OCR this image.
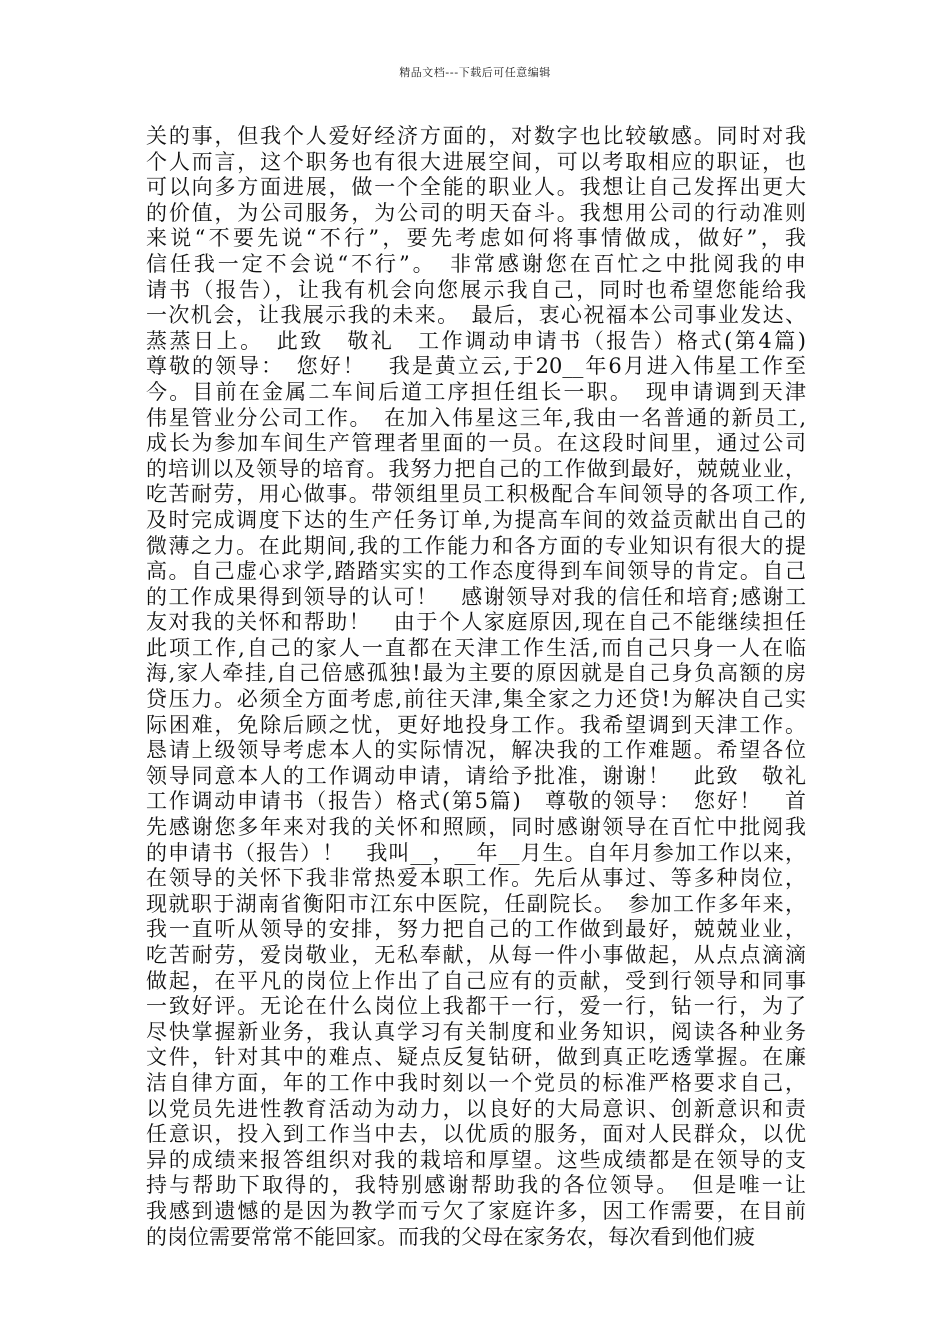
精品文档---下载后可任意编辑
关的事，但我个人爱好经济方面的，对数字也比较敏感。同时对我
个人而言，这个职务也有很大进展空间，可以考取相应的职证，也
可以向多方面进展，做一个全能的职业人。我想让自己发挥出更大
的价值，为公司服务，为公司的明天奋斗。我想用公司的行动准则
来说“不要先说“不行”，要先考虑如何将事情做成，做好”，我
信任我一定不会说“不行”。　非常感谢您在百忙之中批阅我的申
请书（报告），让我有机会向您展示我自己，同时也希望您能给我
一次机会，让我展示我的未来。　最后，衷心祝福本公司事业发达、
蒸蒸日上。　此致　敬礼　工作调动申请书（报告）格式(第4篇)
尊敬的领导：　您好！　我是黄立云,于20__年6月进入伟星工作至
今。目前在金属二车间后道工序担任组长一职。　现申请调到天津
伟星管业分公司工作。　在加入伟星这三年,我由一名普通的新员工,
成长为参加车间生产管理者里面的一员。在这段时间里，通过公司
的培训以及领导的培育。我努力把自己的工作做到最好，兢兢业业，
吃苦耐劳，用心做事。带领组里员工积极配合车间领导的各项工作,
及时完成调度下达的生产任务订单,为提高车间的效益贡献出自己的
微薄之力。在此期间,我的工作能力和各方面的专业知识有很大的提
高。自己虚心求学,踏踏实实的工作态度得到车间领导的肯定。自己
的工作成果得到领导的认可！　感谢领导对我的信任和培育;感谢工
友对我的关怀和帮助！　由于个人家庭原因,现在自己不能继续担任
此项工作,自己的家人一直都在天津工作生活,而自己只身一人在临
海,家人牵挂,自己倍感孤独!最为主要的原因就是自己身负高额的房
贷压力。必须全方面考虑,前往天津,集全家之力还贷!为解决自己实
际困难，免除后顾之忧，更好地投身工作。我希望调到天津工作。
恳请上级领导考虑本人的实际情况，解决我的工作难题。希望各位
领导同意本人的工作调动申请，请给予批准，谢谢！　此致　敬礼
工作调动申请书（报告）格式(第5篇)　尊敬的领导：　您好！　首
先感谢您多年来对我的关怀和照顾，同时感谢领导在百忙中批阅我
的申请书（报告）！　我叫__，__年__月生。自年月参加工作以来，
在领导的关怀下我非常热爱本职工作。先后从事过、等多种岗位，
现就职于湖南省衡阳市江东中医院，任副院长。　参加工作多年来，
我一直听从领导的安排，努力把自己的工作做到最好，兢兢业业，
吃苦耐劳，爱岗敬业，无私奉献，从每一件小事做起，从点点滴滴
做起，在平凡的岗位上作出了自己应有的贡献，受到行领导和同事
一致好评。无论在什么岗位上我都干一行，爱一行，钻一行，为了
尽快掌握新业务，我认真学习有关制度和业务知识，阅读各种业务
文件，针对其中的难点、疑点反复钻研，做到真正吃透掌握。在廉
洁自律方面，年的工作中我时刻以一个党员的标准严格要求自己，
以党员先进性教育活动为动力，以良好的大局意识、创新意识和责
任意识，投入到工作当中去，以优质的服务，面对人民群众，以优
异的成绩来报答组织对我的栽培和厚望。这些成绩都是在领导的支
持与帮助下取得的，我特别感谢帮助我的各位领导。　但是唯一让
我感到遗憾的是因为教学而亏欠了家庭许多，因工作需要，在目前
的岗位需要常常不能回家。而我的父母在家务农，每次看到他们疲
